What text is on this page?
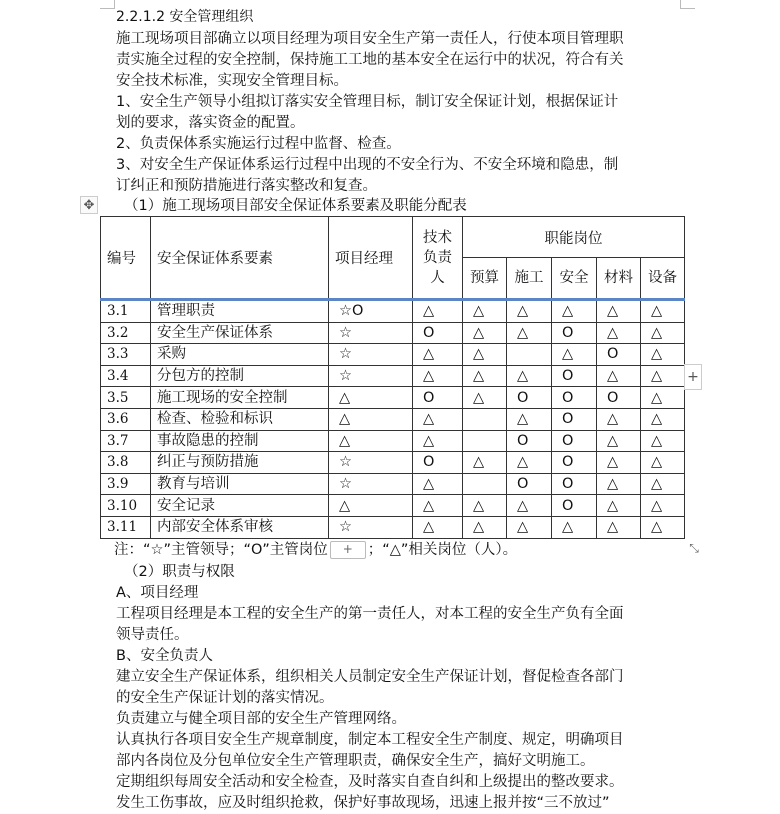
2.2.1.2 安全管理组织
施工现场项目部确立以项目经理为项目安全生产第一责任人，行使本项目管理职
责实施全过程的安全控制，保持施工工地的基本安全在运行中的状况，符合有关
安全技术标准，实现安全管理目标。
1、安全生产领导小组拟订落实安全管理目标，制订安全保证计划，根据保证计
划的要求，落实资金的配置。
2、负责保体系实施运行过程中监督、检查。
3、对安全生产保证体系运行过程中出现的不安全行为、不安全环境和隐患，制
订纠正和预防措施进行落实整改和复查。
✥ （1）施工现场项目部安全保证体系要素及职能分配表
编号	安全保证体系要素	项目经理	技术负责人	职能岗位				
				预算	施工	安全	材料	设备
3.1	管理职责	☆O	△	△	△	△	△	△
3.2	安全生产保证体系	☆	O	△	△	O	△	△
3.3	采购	☆	△	△		△	O	△
3.4	分包方的控制	☆	△	△	△	O	△	△
3.5	施工现场的安全控制	△	O	△	O	O	O	△
3.6	检查、检验和标识	△	△		△	O	△	△
3.7	事故隐患的控制	△	△		O	O	△	△
3.8	纠正与预防措施	☆	O	△	△	O	△	△
3.9	教育与培训	☆	△		O	O	△	△
3.10	安全记录	△	△	△	△	O	△	△
3.11	内部安全体系审核	☆	△	△	△	△	△	△
+
注：“☆”主管领导；“O”主管岗位 + ；“△”相关岗位（人）。	⤡
（2）职责与权限
A、项目经理
工程项目经理是本工程的安全生产的第一责任人，对本工程的安全生产负有全面
领导责任。
B、安全负责人
建立安全生产保证体系，组织相关人员制定安全生产保证计划，督促检查各部门
的安全生产保证计划的落实情况。
负责建立与健全项目部的安全生产管理网络。
认真执行各项目安全生产规章制度，制定本工程安全生产制度、规定，明确项目
部内各岗位及分包单位安全生产管理职责，确保安全生产，搞好文明施工。
定期组织每周安全活动和安全检查，及时落实自查自纠和上级提出的整改要求。
发生工伤事故，应及时组织抢救，保护好事故现场，迅速上报并按“三不放过”
